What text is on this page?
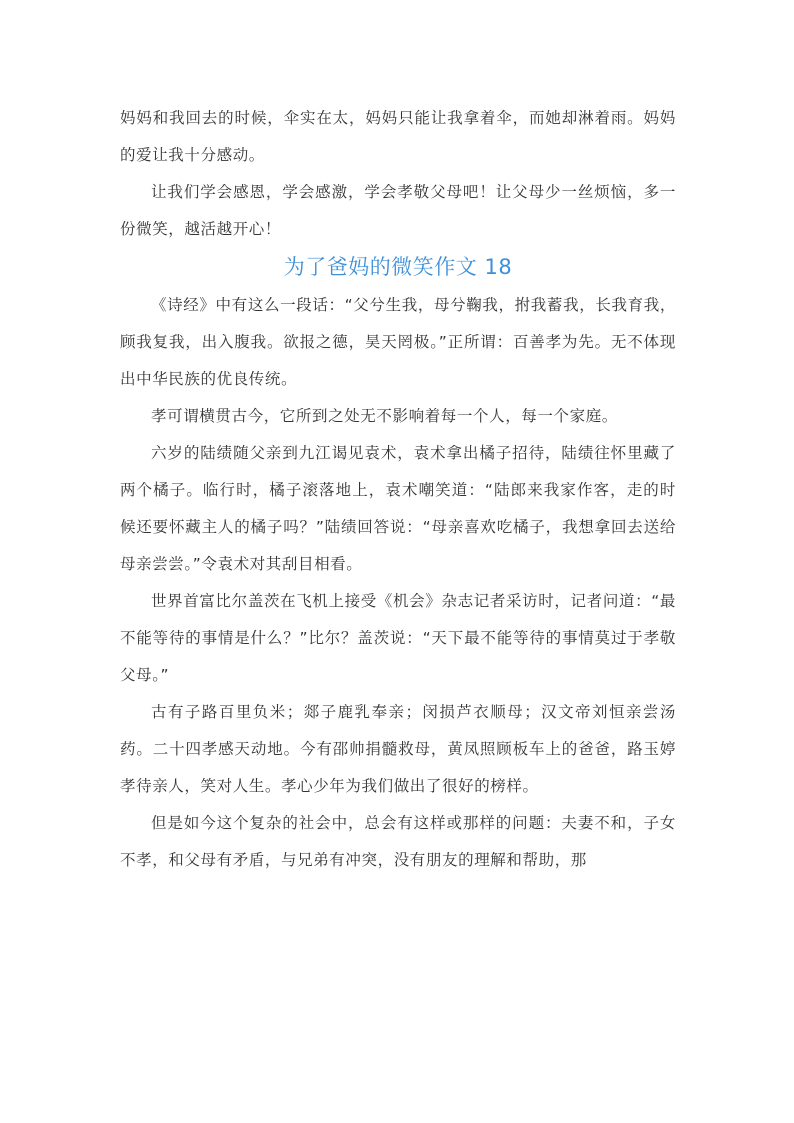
妈妈和我回去的时候，伞实在太，妈妈只能让我拿着伞，而她却淋着雨。妈妈的爱让我十分感动。

让我们学会感恩，学会感激，学会孝敬父母吧！让父母少一丝烦恼，多一份微笑，越活越开心！

为了爸妈的微笑作文 18

《诗经》中有这么一段话：“父兮生我，母兮鞠我，拊我蓄我，长我育我，顾我复我，出入腹我。欲报之德，昊天罔极。”正所谓：百善孝为先。无不体现出中华民族的优良传统。

孝可谓横贯古今，它所到之处无不影响着每一个人，每一个家庭。

六岁的陆绩随父亲到九江谒见袁术，袁术拿出橘子招待，陆绩往怀里藏了两个橘子。临行时，橘子滚落地上，袁术嘲笑道：“陆郎来我家作客，走的时候还要怀藏主人的橘子吗？”陆绩回答说：“母亲喜欢吃橘子，我想拿回去送给母亲尝尝。”令袁术对其刮目相看。

世界首富比尔盖茨在飞机上接受《机会》杂志记者采访时，记者问道：“最不能等待的事情是什么？”比尔？盖茨说：“天下最不能等待的事情莫过于孝敬父母。”

古有子路百里负米；郯子鹿乳奉亲；闵损芦衣顺母；汉文帝刘恒亲尝汤药。二十四孝感天动地。今有邵帅捐髓救母，黄凤照顾板车上的爸爸，路玉婷孝待亲人，笑对人生。孝心少年为我们做出了很好的榜样。

但是如今这个复杂的社会中，总会有这样或那样的问题：夫妻不和，子女不孝，和父母有矛盾，与兄弟有冲突，没有朋友的理解和帮助，那
